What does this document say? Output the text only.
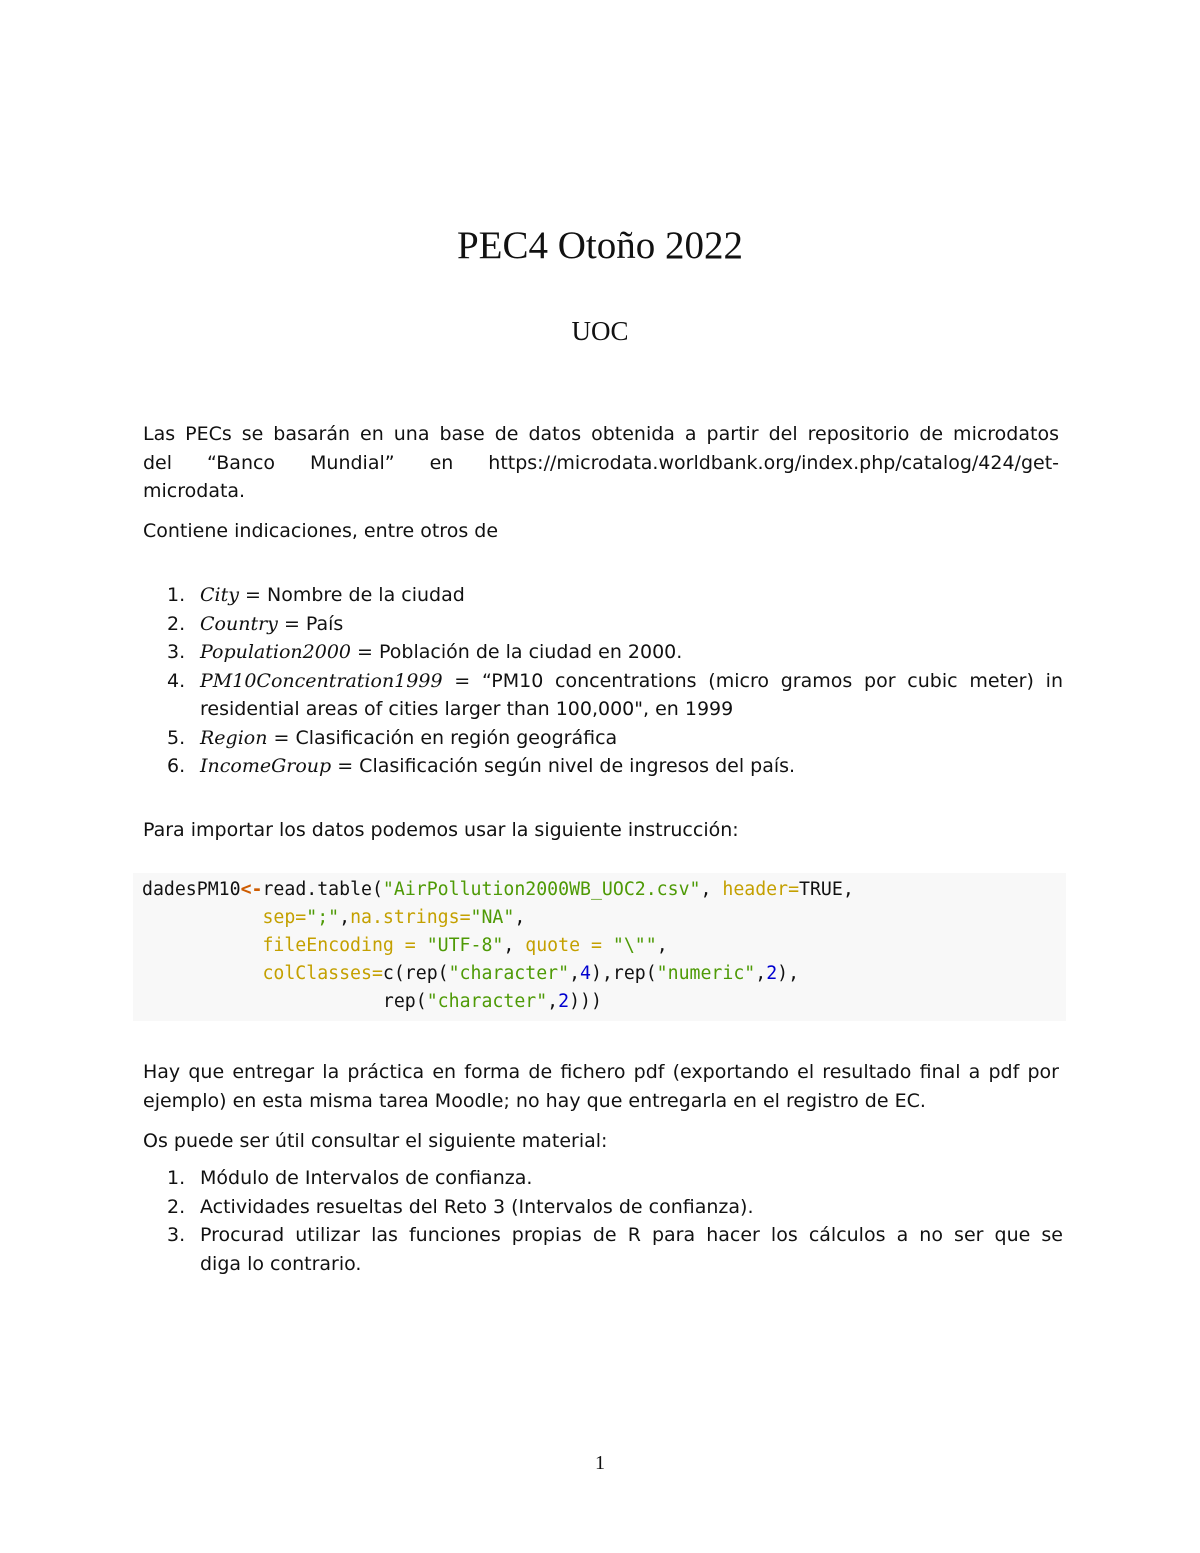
PEC4 Otoño 2022
UOC

Las PECs se basarán en una base de datos obtenida a partir del repositorio de microdatos
del “Banco Mundial” en https://microdata.worldbank.org/index.php/catalog/424/get-
microdata.

Contiene indicaciones, entre otros de

1. City = Nombre de la ciudad
2. Country = País
3. Population2000 = Población de la ciudad en 2000.
4. PM10Concentration1999 = “PM10 concentrations (micro gramos por cubic meter) in
residential areas of cities larger than 100,000", en 1999
5. Region = Clasificación en región geográfica
6. IncomeGroup = Clasificación según nivel de ingresos del país.

Para importar los datos podemos usar la siguiente instrucción:

dadesPM10<-read.table("AirPollution2000WB_UOC2.csv", header=TRUE,
sep=";",na.strings="NA",
fileEncoding = "UTF-8", quote = "\"",
colClasses=c(rep("character",4),rep("numeric",2),
rep("character",2)))

Hay que entregar la práctica en forma de fichero pdf (exportando el resultado final a pdf por
ejemplo) en esta misma tarea Moodle; no hay que entregarla en el registro de EC.

Os puede ser útil consultar el siguiente material:

1. Módulo de Intervalos de confianza.
2. Actividades resueltas del Reto 3 (Intervalos de confianza).
3. Procurad utilizar las funciones propias de R para hacer los cálculos a no ser que se
diga lo contrario.
1
